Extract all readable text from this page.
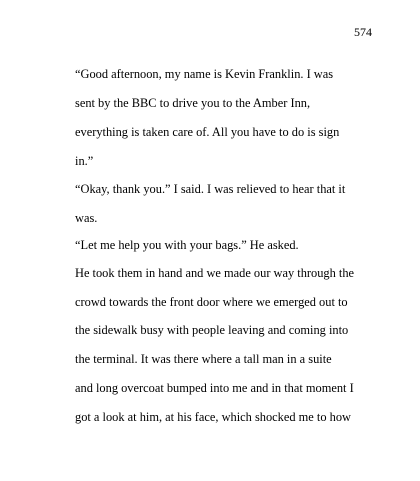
574
“Good afternoon, my name is Kevin Franklin. I was
sent by the BBC to drive you to the Amber Inn,
everything is taken care of. All you have to do is sign
in.”
“Okay, thank you.” I said. I was relieved to hear that it
was.
“Let me help you with your bags.” He asked.
He took them in hand and we made our way through the
crowd towards the front door where we emerged out to
the sidewalk busy with people leaving and coming into
the terminal. It was there where a tall man in a suite
and long overcoat bumped into me and in that moment I
got a look at him, at his face, which shocked me to how
